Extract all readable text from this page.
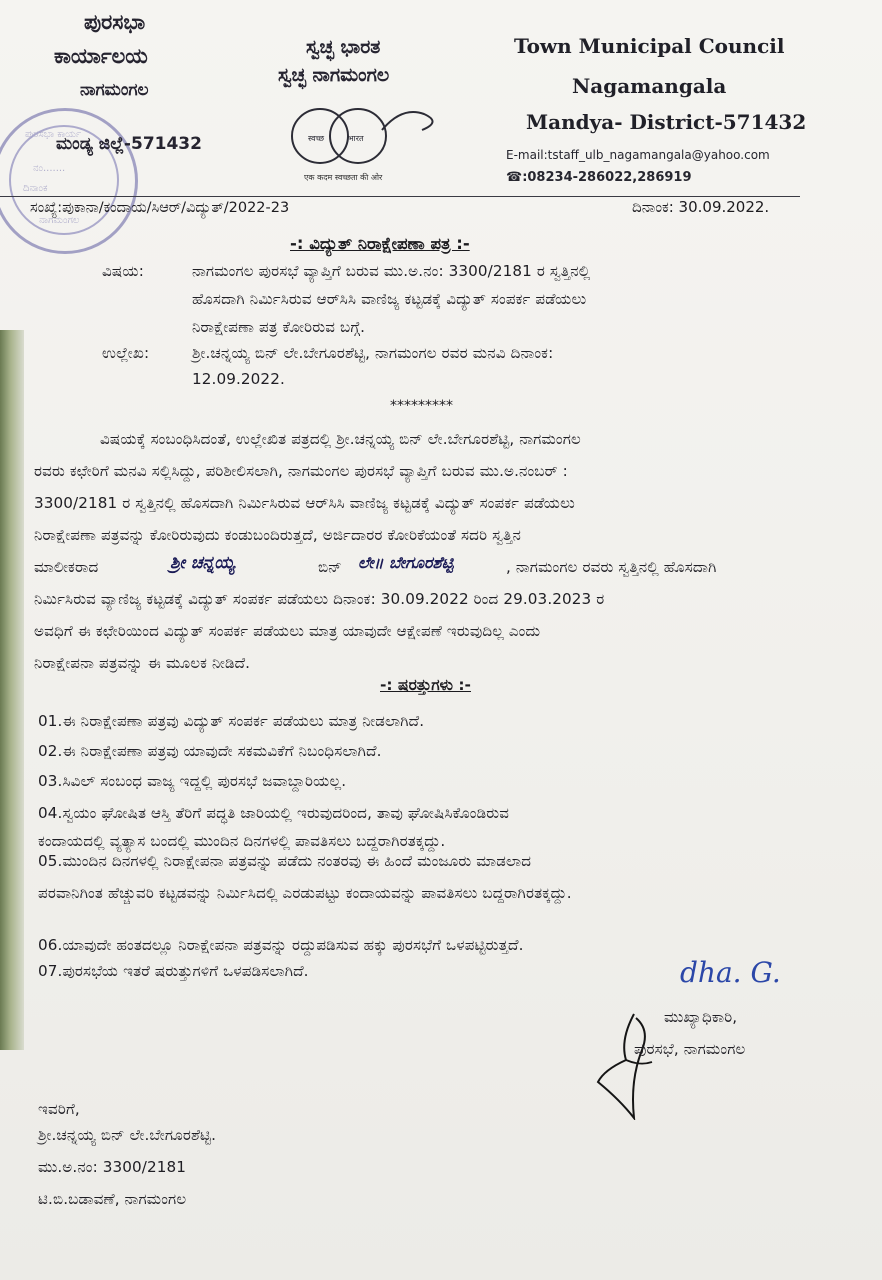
ಪುರಸಭಾ ಕಾರ್ಯ
ನಂ.......
ದಿನಾಂಕ
ನಾಗಮಂಗಲ
ಪುರಸಭಾ
ಕಾರ್ಯಾಲಯ
ನಾಗಮಂಗಲ
ಮಂಡ್ಯ ಜಿಲ್ಲೆ-571432
ಸ್ವಚ್ಛ ಭಾರತ
ಸ್ವಚ್ಛ ನಾಗಮಂಗಲ
स्वच्छ	भारत
एक कदम स्वच्छता की ओर
Town Municipal Council
Nagamangala
Mandya- District-571432
E-mail:tstaff_ulb_nagamangala@yahoo.com
☎:08234-286022,286919
ಸಂಖ್ಯೆ:ಪುಕಾನಾ/ಕಂದಾಯ/ಸಿಆರ್/ವಿದ್ಯುತ್/2022-23	ದಿನಾಂಕ: 30.09.2022.
-: ವಿದ್ಯುತ್ ನಿರಾಕ್ಷೇಪಣಾ ಪತ್ರ :-
ವಿಷಯ:	ನಾಗಮಂಗಲ ಪುರಸಭೆ ವ್ಯಾಪ್ತಿಗೆ ಬರುವ ಮು.ಅ.ನಂ: 3300/2181 ರ ಸ್ವತ್ತಿನಲ್ಲಿ
ಹೊಸದಾಗಿ ನಿರ್ಮಿಸಿರುವ ಆರ್‌ಸಿಸಿ ವಾಣಿಜ್ಯ ಕಟ್ಟಡಕ್ಕೆ ವಿದ್ಯುತ್ ಸಂಪರ್ಕ ಪಡೆಯಲು
ನಿರಾಕ್ಷೇಪಣಾ ಪತ್ರ ಕೋರಿರುವ ಬಗ್ಗೆ.
ಉಲ್ಲೇಖ:	ಶ್ರೀ.ಚನ್ನಯ್ಯ ಬಿನ್ ಲೇ.ಬೇಗೂರಶೆಟ್ಟಿ, ನಾಗಮಂಗಲ ರವರ ಮನವಿ ದಿನಾಂಕ:
12.09.2022.
*********
ವಿಷಯಕ್ಕೆ ಸಂಬಂಧಿಸಿದಂತೆ, ಉಲ್ಲೇಖಿತ ಪತ್ರದಲ್ಲಿ ಶ್ರೀ.ಚನ್ನಯ್ಯ ಬಿನ್ ಲೇ.ಬೇಗೂರಶೆಟ್ಟಿ, ನಾಗಮಂಗಲ
ರವರು ಕಛೇರಿಗೆ ಮನವಿ ಸಲ್ಲಿಸಿದ್ದು, ಪರಿಶೀಲಿಸಲಾಗಿ, ನಾಗಮಂಗಲ ಪುರಸಭೆ ವ್ಯಾಪ್ತಿಗೆ ಬರುವ ಮು.ಅ.ನಂಬರ್ :
3300/2181 ರ ಸ್ವತ್ತಿನಲ್ಲಿ ಹೊಸದಾಗಿ ನಿರ್ಮಿಸಿರುವ ಆರ್‌ಸಿಸಿ ವಾಣಿಜ್ಯ ಕಟ್ಟಡಕ್ಕೆ ವಿದ್ಯುತ್ ಸಂಪರ್ಕ ಪಡೆಯಲು
ನಿರಾಕ್ಷೇಪಣಾ ಪತ್ರವನ್ನು ಕೋರಿರುವುದು ಕಂಡುಬಂದಿರುತ್ತದೆ, ಅರ್ಜಿದಾರರ ಕೋರಿಕೆಯಂತೆ ಸದರಿ ಸ್ವತ್ತಿನ
ಮಾಲೀಕರಾದ	ಶ್ರೀ ಚನ್ನಯ್ಯ	ಬಿನ್ ಲೇ॥ ಬೇಗೂರಶೆಟ್ಟಿ	, ನಾಗಮಂಗಲ ರವರು ಸ್ವತ್ತಿನಲ್ಲಿ ಹೊಸದಾಗಿ
ನಿರ್ಮಿಸಿರುವ ವ್ಯಾಣಿಜ್ಯ ಕಟ್ಟಡಕ್ಕೆ ವಿದ್ಯುತ್ ಸಂಪರ್ಕ ಪಡೆಯಲು ದಿನಾಂಕ: 30.09.2022 ರಿಂದ 29.03.2023 ರ
ಅವಧಿಗೆ ಈ ಕಛೇರಿಯಿಂದ ವಿದ್ಯುತ್ ಸಂಪರ್ಕ ಪಡೆಯಲು ಮಾತ್ರ ಯಾವುದೇ ಆಕ್ಷೇಪಣೆ ಇರುವುದಿಲ್ಲ ಎಂದು
ನಿರಾಕ್ಷೇಪನಾ ಪತ್ರವನ್ನು ಈ ಮೂಲಕ ನೀಡಿದೆ.
-: ಷರತ್ತುಗಳು :-
01.ಈ ನಿರಾಕ್ಷೇಪಣಾ ಪತ್ರವು ವಿದ್ಯುತ್ ಸಂಪರ್ಕ ಪಡೆಯಲು ಮಾತ್ರ ನೀಡಲಾಗಿದೆ.
02.ಈ ನಿರಾಕ್ಷೇಪಣಾ ಪತ್ರವು ಯಾವುದೇ ಸಕಮವಿಕೆಗೆ ನಿಬಂಧಿಸಲಾಗಿದೆ.
03.ಸಿವಿಲ್ ಸಂಬಂಧ ವಾಜ್ಯ ಇದ್ದಲ್ಲಿ ಪುರಸಭೆ ಜವಾಬ್ದಾರಿಯಲ್ಲ.
04.ಸ್ವಯಂ ಘೋಷಿತ ಆಸ್ತಿ ತೆರಿಗೆ ಪದ್ಧತಿ ಜಾರಿಯಲ್ಲಿ ಇರುವುದರಿಂದ, ತಾವು ಘೋಷಿಸಿಕೊಂಡಿರುವ
ಕಂದಾಯದಲ್ಲಿ ವ್ಯತ್ಯಾಸ ಬಂದಲ್ಲಿ ಮುಂದಿನ ದಿನಗಳಲ್ಲಿ ಪಾವತಿಸಲು ಬದ್ದರಾಗಿರತಕ್ಕದ್ದು.
05.ಮುಂದಿನ ದಿನಗಳಲ್ಲಿ ನಿರಾಕ್ಷೇಪನಾ ಪತ್ರವನ್ನು ಪಡೆದು ನಂತರವು ಈ ಹಿಂದೆ ಮಂಜೂರು ಮಾಡಲಾದ
ಪರವಾನಿಗಿಂತ ಹೆಚ್ಚುವರಿ ಕಟ್ಟಡವನ್ನು ನಿರ್ಮಿಸಿದಲ್ಲಿ ಎರಡುಪಟ್ಟು ಕಂದಾಯವನ್ನು ಪಾವತಿಸಲು ಬದ್ದರಾಗಿರತಕ್ಕದ್ದು.
06.ಯಾವುದೇ ಹಂತದಲ್ಲೂ ನಿರಾಕ್ಷೇಪನಾ ಪತ್ರವನ್ನು ರದ್ದುಪಡಿಸುವ ಹಕ್ಕು ಪುರಸಭೆಗೆ ಒಳಪಟ್ಟಿರುತ್ತದೆ.
07.ಪುರಸಭೆಯ ಇತರೆ ಷರುತ್ತುಗಳಿಗೆ ಒಳಪಡಿಸಲಾಗಿದೆ.	dha. G.
ಮುಖ್ಯಾಧಿಕಾರಿ,
ಪುರಸಭೆ, ನಾಗಮಂಗಲ
ಇವರಿಗೆ,
ಶ್ರೀ.ಚನ್ನಯ್ಯ ಬಿನ್ ಲೇ.ಬೇಗೂರಶೆಟ್ಟಿ.
ಮು.ಅ.ನಂ: 3300/2181
ಟಿ.ಬಿ.ಬಡಾವಣೆ, ನಾಗಮಂಗಲ
